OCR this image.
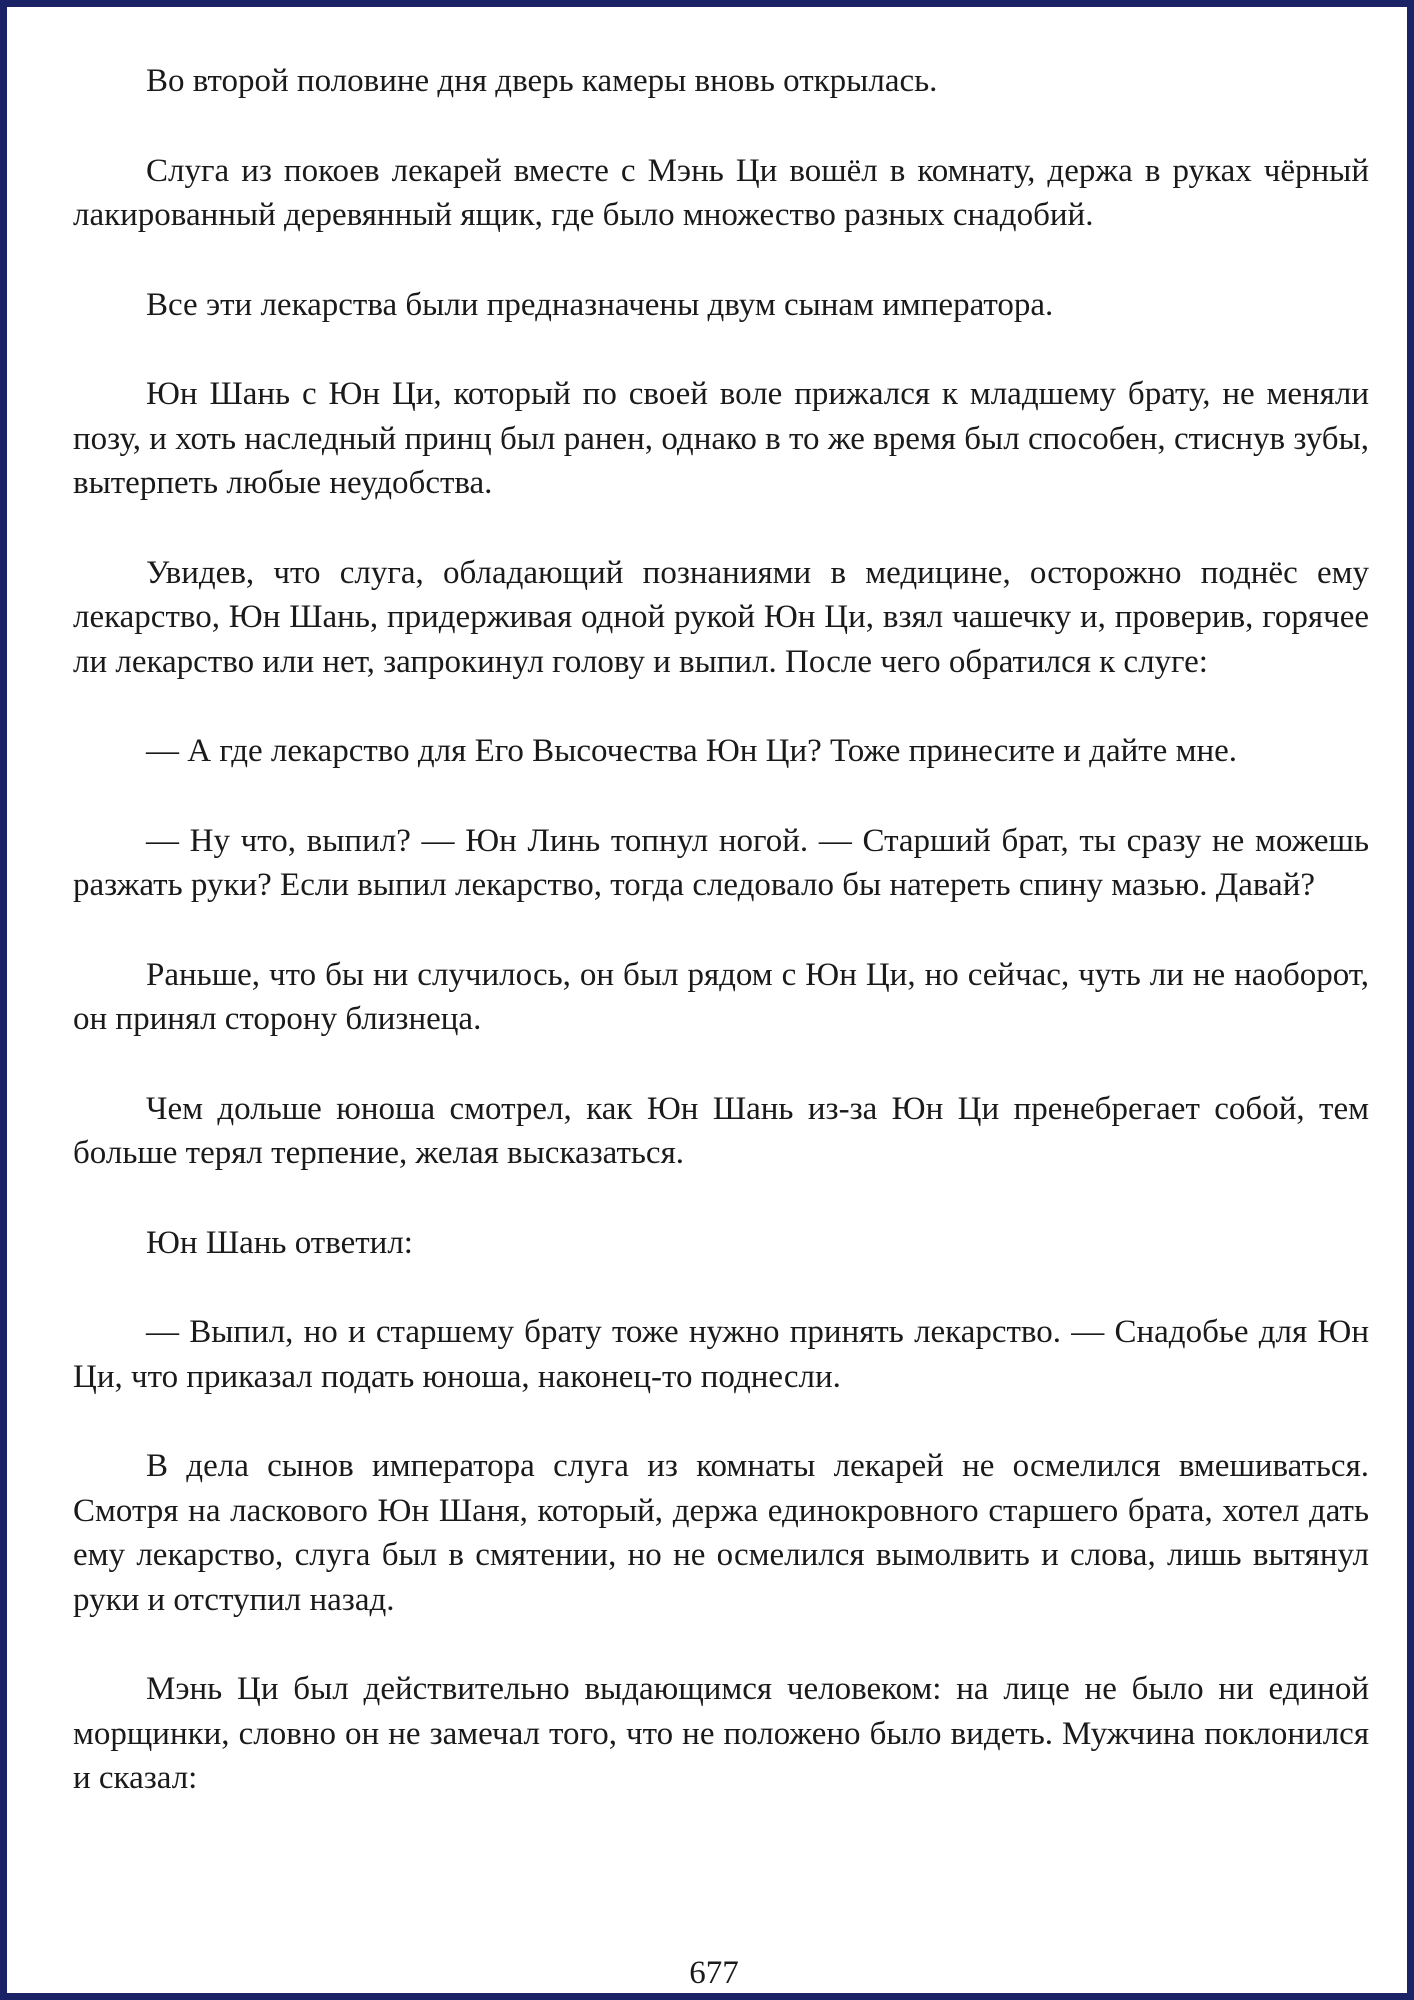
Во второй половине дня дверь камеры вновь открылась.

Слуга из покоев лекарей вместе с Мэнь Ци вошёл в комнату, держа в руках чёрный лакированный деревянный ящик, где было множество разных снадобий.

Все эти лекарства были предназначены двум сынам императора.

Юн Шань с Юн Ци, который по своей воле прижался к младшему брату, не меняли позу, и хоть наследный принц был ранен, однако в то же время был способен, стиснув зубы, вытерпеть любые неудобства.

Увидев, что слуга, обладающий познаниями в медицине, осторожно поднёс ему лекарство, Юн Шань, придерживая одной рукой Юн Ци, взял чашечку и, проверив, горячее ли лекарство или нет, запрокинул голову и выпил. После чего обратился к слуге:

— А где лекарство для Его Высочества Юн Ци? Тоже принесите и дайте мне.

— Ну что, выпил? — Юн Линь топнул ногой. — Старший брат, ты сразу не можешь разжать руки? Если выпил лекарство, тогда следовало бы натереть спину мазью. Давай?

Раньше, что бы ни случилось, он был рядом с Юн Ци, но сейчас, чуть ли не наоборот, он принял сторону близнеца.

Чем дольше юноша смотрел, как Юн Шань из-за Юн Ци пренебрегает собой, тем больше терял терпение, желая высказаться.

Юн Шань ответил:

— Выпил, но и старшему брату тоже нужно принять лекарство. — Снадобье для Юн Ци, что приказал подать юноша, наконец-то поднесли.

В дела сынов императора слуга из комнаты лекарей не осмелился вмешиваться. Смотря на ласкового Юн Шаня, который, держа единокровного старшего брата, хотел дать ему лекарство, слуга был в смятении, но не осмелился вымолвить и слова, лишь вытянул руки и отступил назад.

Мэнь Ци был действительно выдающимся человеком: на лице не было ни единой морщинки, словно он не замечал того, что не положено было видеть. Мужчина поклонился и сказал:

677
